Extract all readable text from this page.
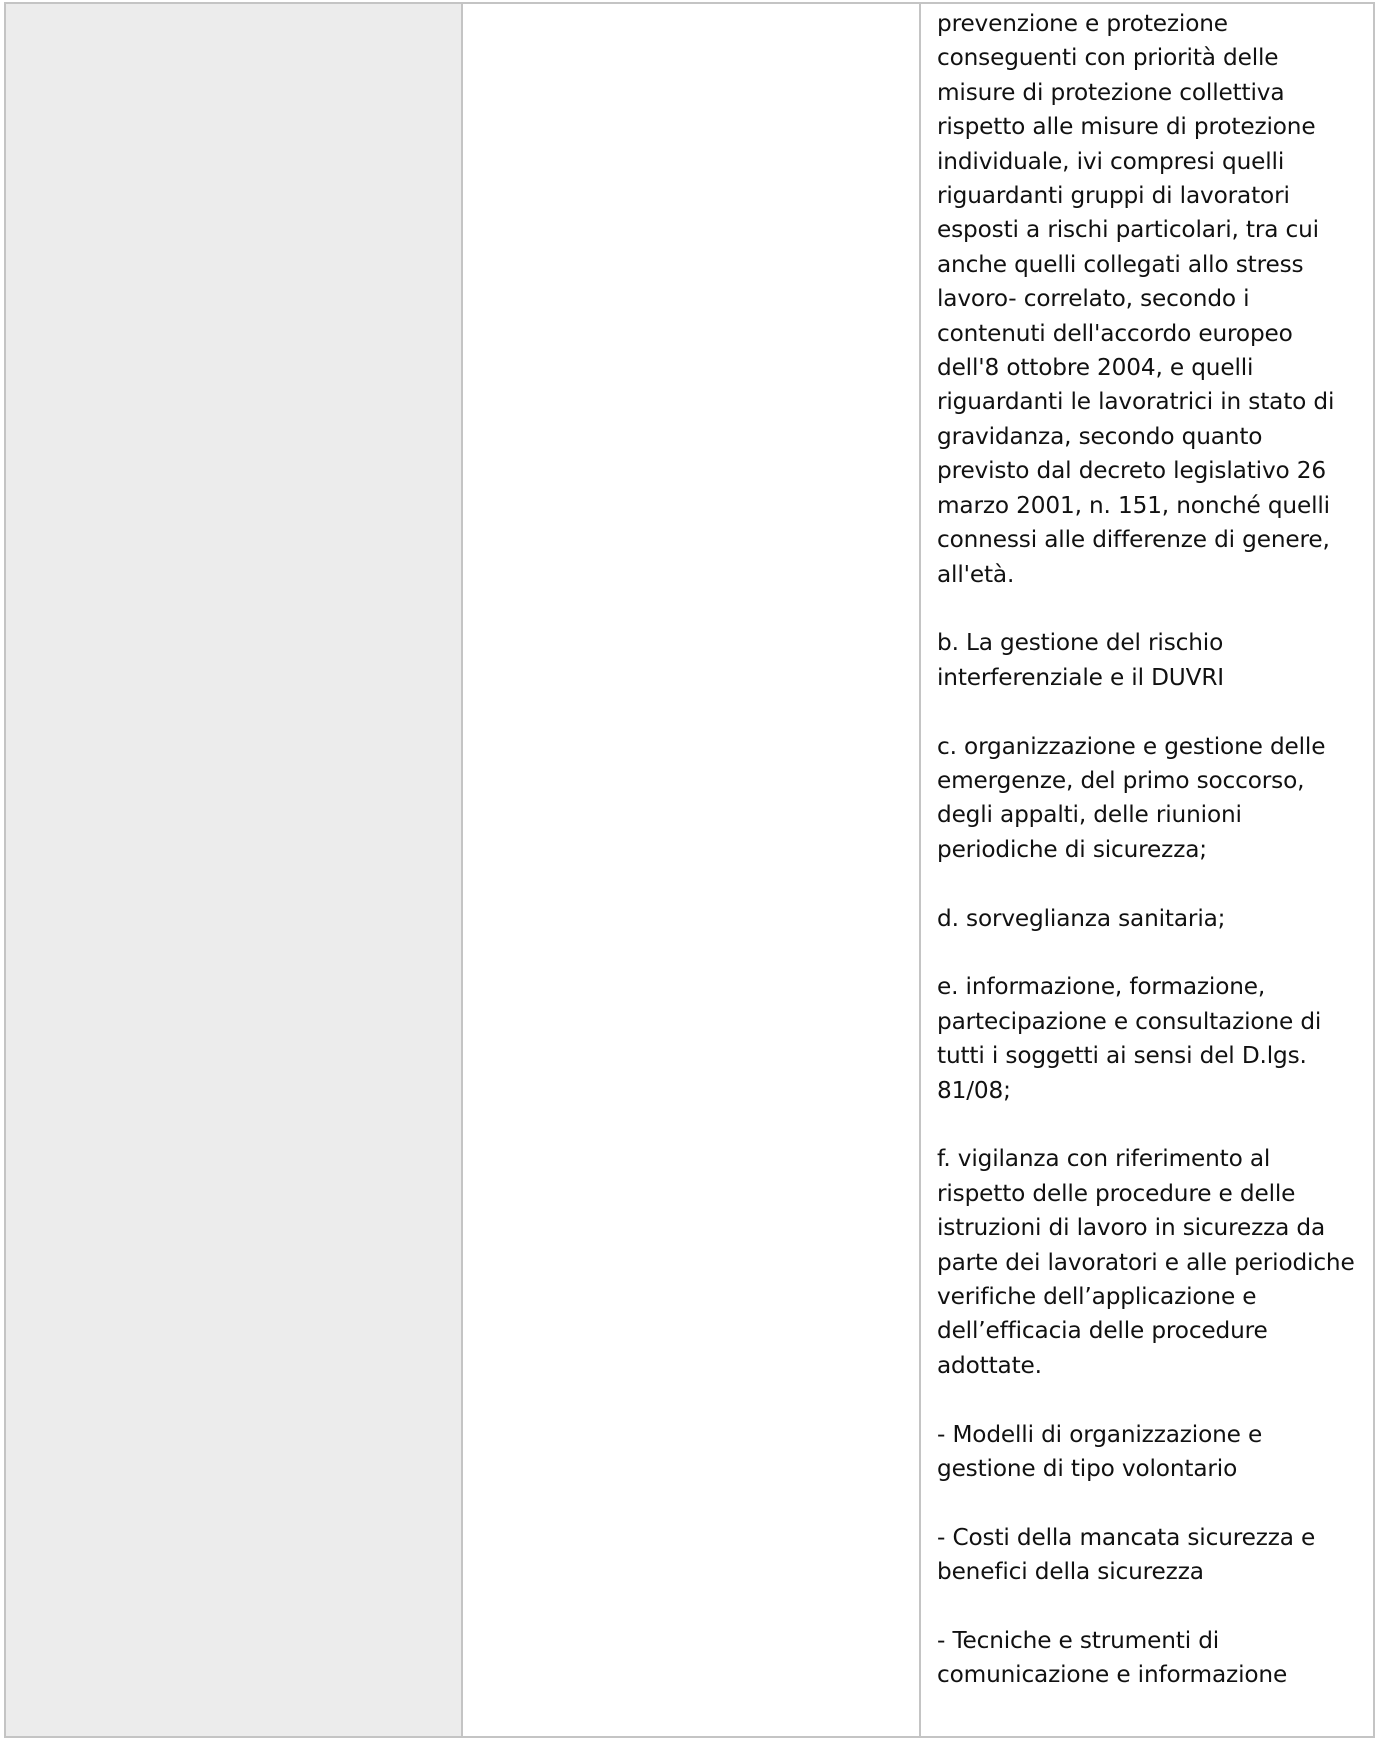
prevenzione e protezione conseguenti con priorità delle misure di protezione collettiva rispetto alle misure di protezione individuale, ivi compresi quelli riguardanti gruppi di lavoratori esposti a rischi particolari, tra cui anche quelli collegati allo stress lavoro- correlato, secondo i contenuti dell'accordo europeo dell'8 ottobre 2004, e quelli riguardanti le lavoratrici in stato di gravidanza, secondo quanto previsto dal decreto legislativo 26 marzo 2001, n. 151, nonché quelli connessi alle differenze di genere, all'età.

b. La gestione del rischio interferenziale e il DUVRI

c. organizzazione e gestione delle emergenze, del primo soccorso, degli appalti, delle riunioni periodiche di sicurezza;

d. sorveglianza sanitaria;

e. informazione, formazione, partecipazione e consultazione di tutti i soggetti ai sensi del D.lgs. 81/08;

f. vigilanza con riferimento al rispetto delle procedure e delle istruzioni di lavoro in sicurezza da parte dei lavoratori e alle periodiche verifiche dell’applicazione e dell’efficacia delle procedure adottate.

- Modelli di organizzazione e gestione di tipo volontario

- Costi della mancata sicurezza e benefici della sicurezza

- Tecniche e strumenti di comunicazione e informazione
